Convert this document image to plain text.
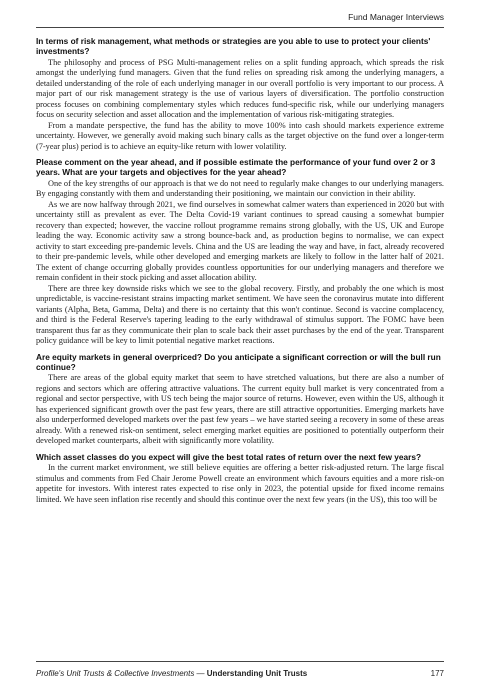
Fund Manager Interviews

In terms of risk management, what methods or strategies are you able to use to protect your clients' investments?

The philosophy and process of PSG Multi-management relies on a split funding approach, which spreads the risk amongst the underlying fund managers. Given that the fund relies on spreading risk among the underlying managers, a detailed understanding of the role of each underlying manager in our overall portfolio is very important to our process. A major part of our risk management strategy is the use of various layers of diversification. The portfolio construction process focuses on combining complementary styles which reduces fund-specific risk, while our underlying managers focus on security selection and asset allocation and the implementation of various risk-mitigating strategies.

From a mandate perspective, the fund has the ability to move 100% into cash should markets experience extreme uncertainty. However, we generally avoid making such binary calls as the target objective on the fund over a longer-term (7-year plus) period is to achieve an equity-like return with lower volatility.

Please comment on the year ahead, and if possible estimate the performance of your fund over 2 or 3 years. What are your targets and objectives for the year ahead?

One of the key strengths of our approach is that we do not need to regularly make changes to our underlying managers. By engaging constantly with them and understanding their positioning, we maintain our conviction in their ability.

As we are now halfway through 2021, we find ourselves in somewhat calmer waters than experienced in 2020 but with uncertainty still as prevalent as ever. The Delta Covid-19 variant continues to spread causing a somewhat bumpier recovery than expected; however, the vaccine rollout programme remains strong globally, with the US, UK and Europe leading the way. Economic activity saw a strong bounce-back and, as production begins to normalise, we can expect activity to start exceeding pre-pandemic levels. China and the US are leading the way and have, in fact, already recovered to their pre-pandemic levels, while other developed and emerging markets are likely to follow in the latter half of 2021. The extent of change occurring globally provides countless opportunities for our underlying managers and therefore we remain confident in their stock picking and asset allocation ability.

There are three key downside risks which we see to the global recovery. Firstly, and probably the one which is most unpredictable, is vaccine-resistant strains impacting market sentiment. We have seen the coronavirus mutate into different variants (Alpha, Beta, Gamma, Delta) and there is no certainty that this won't continue. Second is vaccine complacency, and third is the Federal Reserve's tapering leading to the early withdrawal of stimulus support. The FOMC have been transparent thus far as they communicate their plan to scale back their asset purchases by the end of the year. Transparent policy guidance will be key to limit potential negative market reactions.

Are equity markets in general overpriced? Do you anticipate a significant correction or will the bull run continue?

There are areas of the global equity market that seem to have stretched valuations, but there are also a number of regions and sectors which are offering attractive valuations. The current equity bull market is very concentrated from a regional and sector perspective, with US tech being the major source of returns. However, even within the US, although it has experienced significant growth over the past few years, there are still attractive opportunities. Emerging markets have also underperformed developed markets over the past few years – we have started seeing a recovery in some of these areas already. With a renewed risk-on sentiment, select emerging market equities are positioned to potentially outperform their developed market counterparts, albeit with significantly more volatility.

Which asset classes do you expect will give the best total rates of return over the next few years?

In the current market environment, we still believe equities are offering a better risk-adjusted return. The large fiscal stimulus and comments from Fed Chair Jerome Powell create an environment which favours equities and a more risk-on appetite for investors. With interest rates expected to rise only in 2023, the potential upside for fixed income remains limited. We have seen inflation rise recently and should this continue over the next few years (in the US), this too will be

Profile's Unit Trusts & Collective Investments — Understanding Unit Trusts	177
